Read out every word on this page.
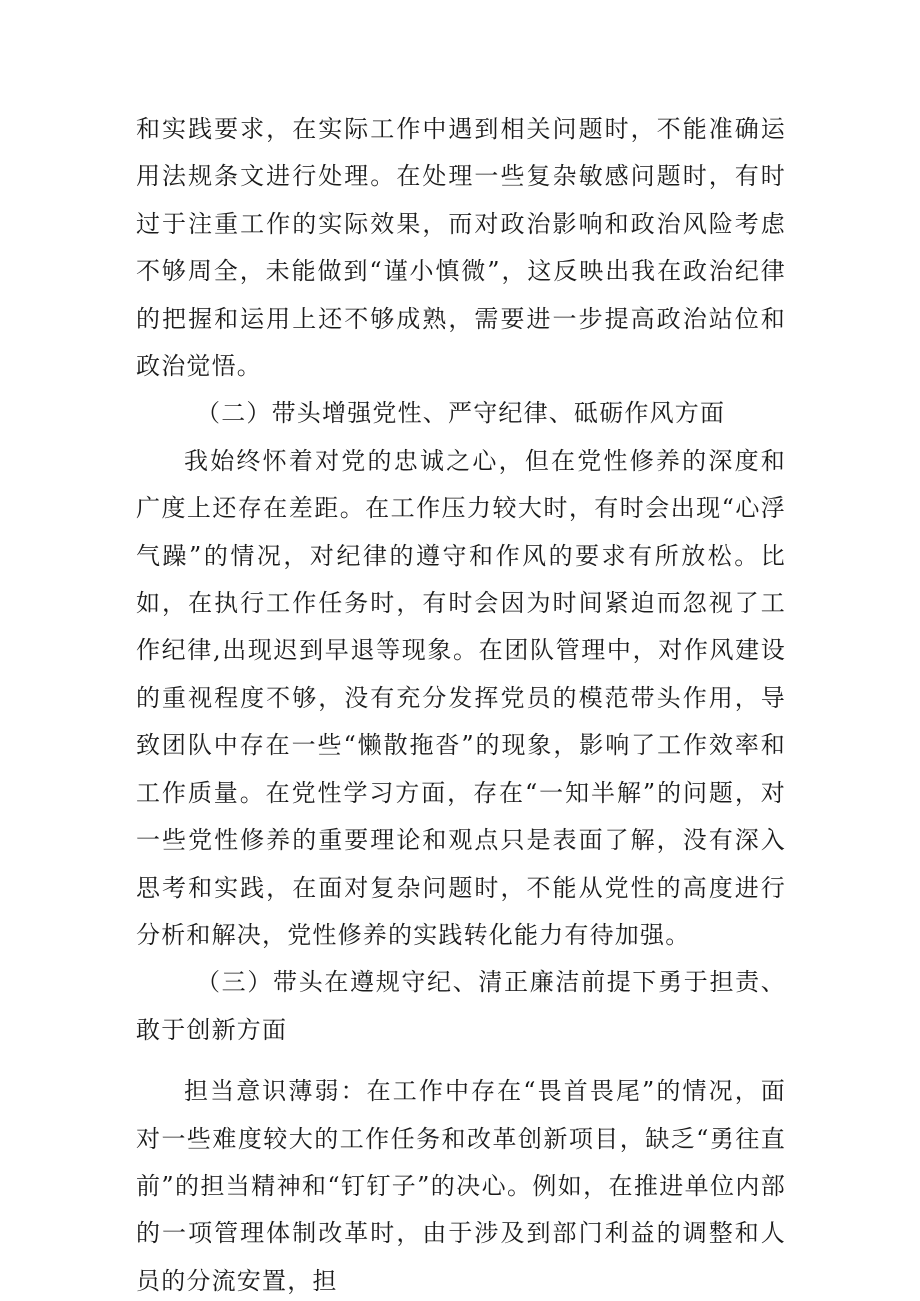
和实践要求，在实际工作中遇到相关问题时，不能准确运用法规条文进行处理。在处理一些复杂敏感问题时，有时过于注重工作的实际效果，而对政治影响和政治风险考虑不够周全，未能做到“谨小慎微”，这反映出我在政治纪律的把握和运用上还不够成熟，需要进一步提高政治站位和政治觉悟。

（二）带头增强党性、严守纪律、砥砺作风方面

我始终怀着对党的忠诚之心，但在党性修养的深度和广度上还存在差距。在工作压力较大时，有时会出现“心浮气躁”的情况，对纪律的遵守和作风的要求有所放松。比如，在执行工作任务时，有时会因为时间紧迫而忽视了工作纪律,出现迟到早退等现象。在团队管理中，对作风建设的重视程度不够，没有充分发挥党员的模范带头作用，导致团队中存在一些“懒散拖沓”的现象，影响了工作效率和工作质量。在党性学习方面，存在“一知半解”的问题，对一些党性修养的重要理论和观点只是表面了解，没有深入思考和实践，在面对复杂问题时，不能从党性的高度进行分析和解决，党性修养的实践转化能力有待加强。

（三）带头在遵规守纪、清正廉洁前提下勇于担责、敢于创新方面

担当意识薄弱：在工作中存在“畏首畏尾”的情况，面对一些难度较大的工作任务和改革创新项目，缺乏“勇往直前”的担当精神和“钉钉子”的决心。例如，在推进单位内部的一项管理体制改革时，由于涉及到部门利益的调整和人员的分流安置，担
